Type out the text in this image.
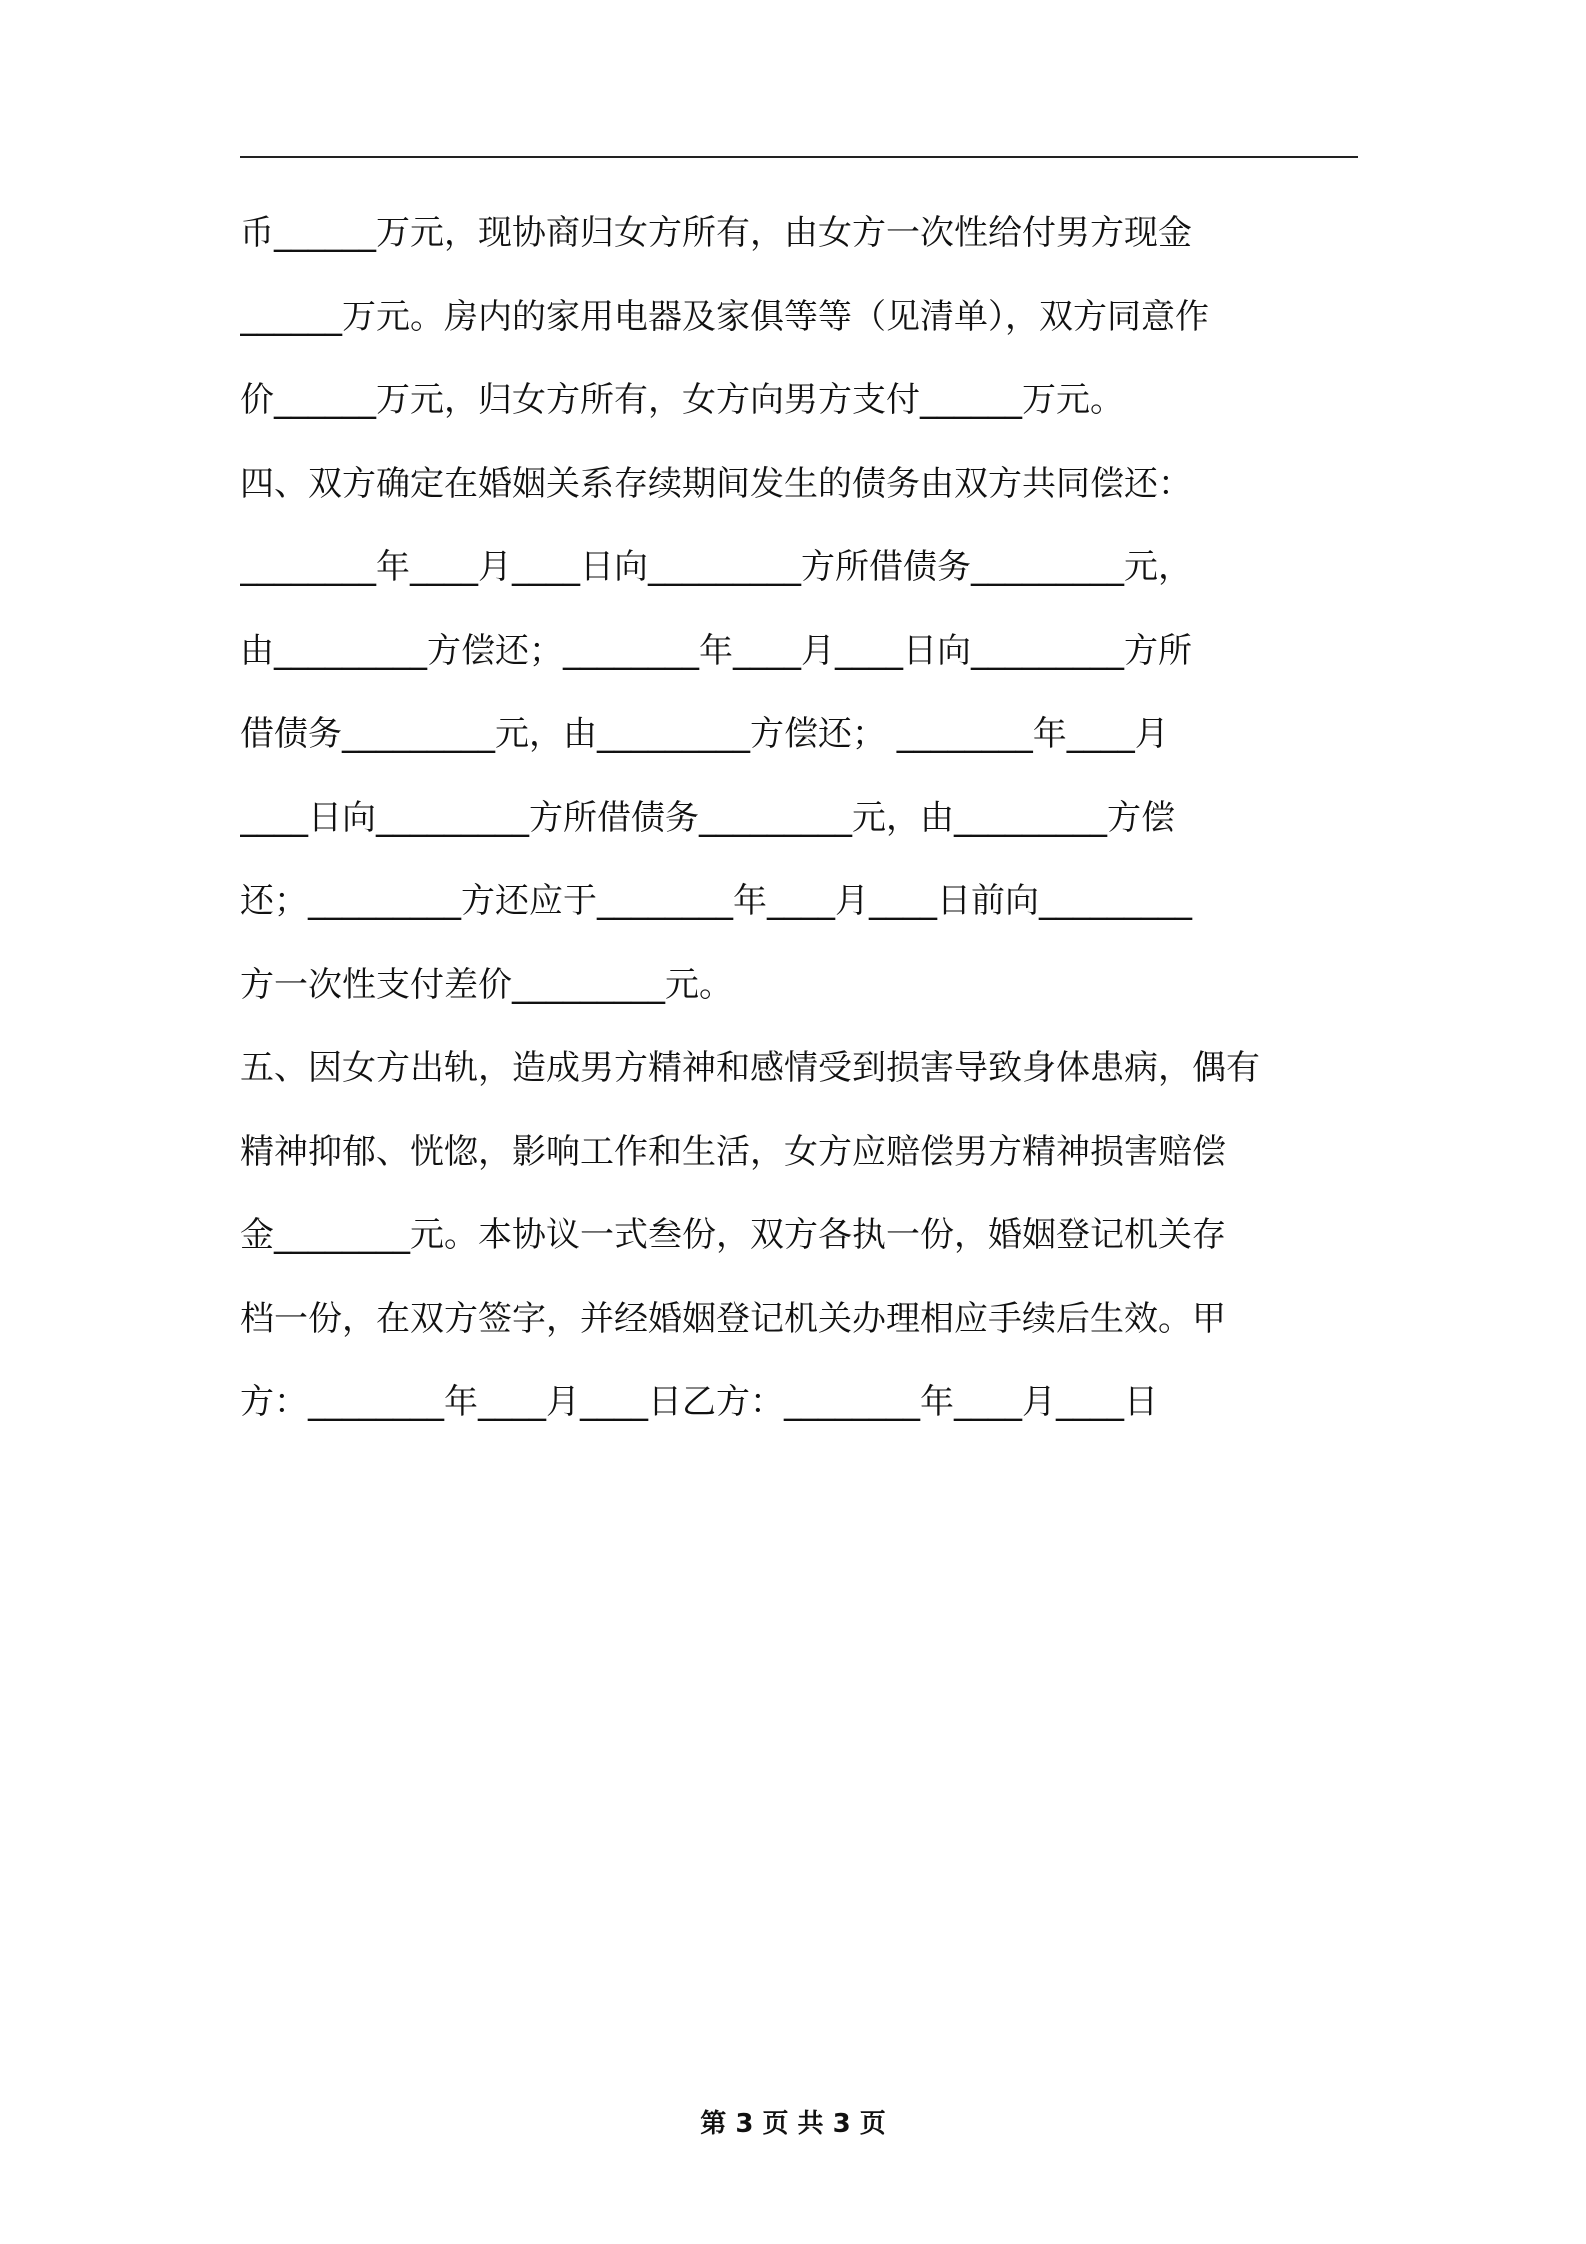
币______万元，现协商归女方所有，由女方一次性给付男方现金
______万元。房内的家用电器及家俱等等（见清单），双方同意作
价______万元，归女方所有，女方向男方支付______万元。
四、双方确定在婚姻关系存续期间发生的债务由双方共同偿还：
________年____月____日向_________方所借债务_________元，
由_________方偿还；________年____月____日向_________方所
借债务_________元，由_________方偿还； ________年____月
____日向_________方所借债务_________元，由_________方偿
还；_________方还应于________年____月____日前向_________
方一次性支付差价_________元。
五、因女方出轨，造成男方精神和感情受到损害导致身体患病，偶有
精神抑郁、恍惚，影响工作和生活，女方应赔偿男方精神损害赔偿
金________元。本协议一式叁份，双方各执一份，婚姻登记机关存
档一份，在双方签字，并经婚姻登记机关办理相应手续后生效。甲
方：________年____月____日乙方：________年____月____日
第 3 页 共 3 页
